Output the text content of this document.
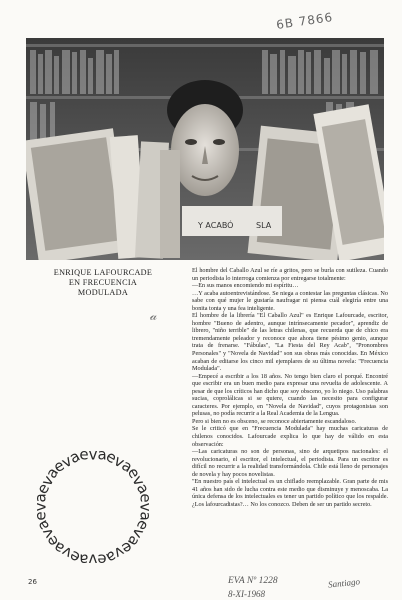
6B 7866
Y ACABÓ	SLA
ENRIQUE LAFOURCADE
EN FRECUENCIA
MODULADA
𝒶

El hombre del Caballo Azul se ríe a gritos, pero se burla con sutileza. Cuando un periodista lo interroga comienza por entregarse totalmente:

—En sus manos encomiendo mi espíritu…

…Y acaba autoentrevistándose. Se niega a contestar las preguntas clásicas. No sabe con qué mujer le gustaría naufragar ni piensa cuál elegiría entre una bonita tonta y una fea inteligente.

El hombre de la librería "El Caballo Azul" es Enrique Lafourcade, escritor, hombre "Bueno de adentro, aunque intrínsecamente pecador", aprendiz de librero, "niño terrible" de las letras chilenas, que recuerda que de chico era tremendamente peleador y reconoce que ahora tiene pésimo genio, aunque trata de frenarse. "Fábulas", "La Fiesta del Rey Acab", "Pronombres Personales" y "Novela de Navidad" son sus obras más conocidas. En México acaban de editarse los cinco mil ejemplares de su última novela: "Frecuencia Modulada".

—Empecé a escribir a los 18 años. No tengo bien claro el porqué. Encontré que escribir era un buen medio para expresar una revuelta de adolescente. A pesar de que los críticos han dicho que soy obsceno, yo lo niego. Uso palabras sucias, coprolálicas si se quiere, cuando las necesito para configurar caracteres. Por ejemplo, en "Novela de Navidad", cuyos protagonistas son pelusas, no podía recurrir a la Real Academia de la Lengua.

Pero si bien no es obsceno, se reconoce abiertamente escandaloso.

Se le criticó que en "Frecuencia Modulada" hay muchas caricaturas de chilenos conocidos. Lafourcade explica lo que hay de válido en esta observación:

—Las caricaturas no son de personas, sino de arquetipos nacionales: el revolucionario, el escritor, el intelectual, el periodista. Para un escritor es difícil no recurrir a la realidad transformándola. Chile está lleno de personajes de novela y hay pocos novelistas.

"En nuestro país el intelectual es un chiflado reemplazable. Gran parte de mis 41 años han sido de lucha contra este medio que disminuye y menoscaba. La única defensa de los intelectuales es tener un partido político que los respalde. ¿Los lafourcadistas?… No los conozco. Deben de ser un partido secreto.

eva
eva
eva
eva
eva
eva
eva
eva
eva
eva
eva
eva
26	EVA Nº 1228
8-XI-1968
Santiago
